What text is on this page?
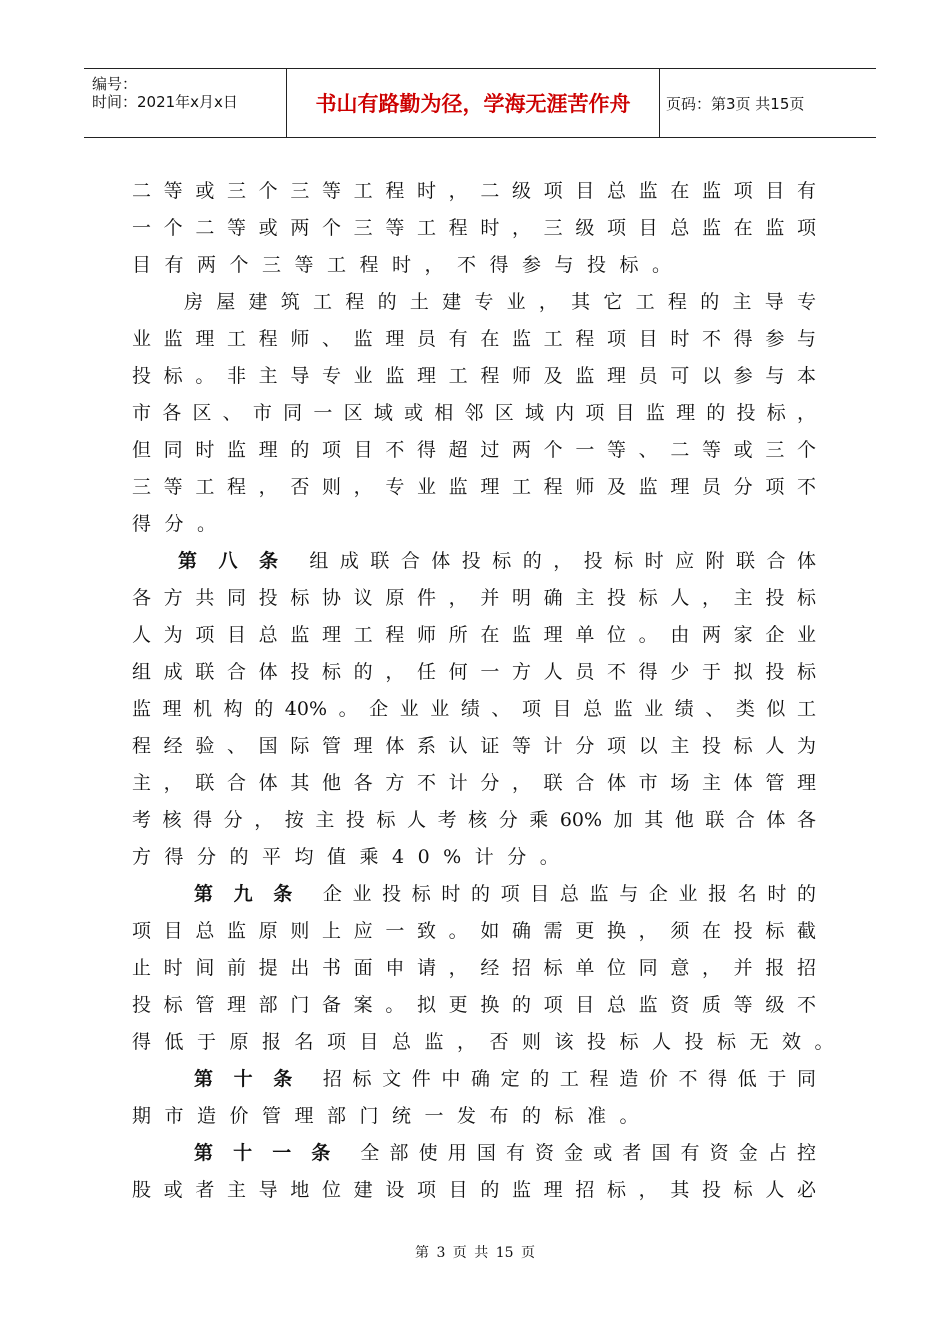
编号：
时间：2021年x月x日	书山有路勤为径，学海无涯苦作舟 页码：第3页 共15页
二等或三个三等工程时，二级项目总监在监项目有
一个二等或两个三等工程时，三级项目总监在监项
目有两个三等工程时，不得参与投标。
房屋建筑工程的土建专业，其它工程的主导专
业监理工程师、监理员有在监工程项目时不得参与
投标。非主导专业监理工程师及监理员可以参与本
市各区、市同一区域或相邻区域内项目监理的投标，
但同时监理的项目不得超过两个一等、二等或三个
三等工程，否则，专业监理工程师及监理员分项不
得分。
第八条 组成联合体投标的，投标时应附联合体
各方共同投标协议原件，并明确主投标人，主投标
人为项目总监理工程师所在监理单位。由两家企业
组成联合体投标的，任何一方人员不得少于拟投标
监理机构的40%。企业业绩、项目总监业绩、类似工
程经验、国际管理体系认证等计分项以主投标人为
主，联合体其他各方不计分，联合体市场主体管理
考核得分，按主投标人考核分乘60%加其他联合体各
方得分的平均值乘40%计分。
第九条 企业投标时的项目总监与企业报名时的
项目总监原则上应一致。如确需更换，须在投标截
止时间前提出书面申请，经招标单位同意，并报招
投标管理部门备案。拟更换的项目总监资质等级不
得低于原报名项目总监，否则该投标人投标无效。
第十条 招标文件中确定的工程造价不得低于同
期市造价管理部门统一发布的标准。
第十一条 全部使用国有资金或者国有资金占控
股或者主导地位建设项目的监理招标，其投标人必
第 3 页 共 15 页
